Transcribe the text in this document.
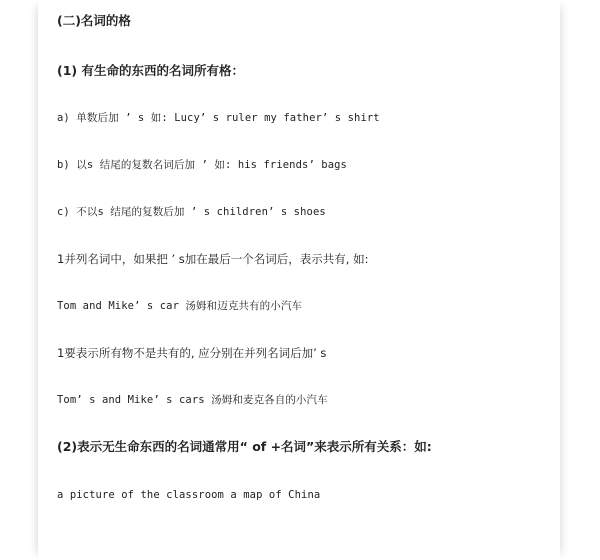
(二)名词的格
(1) 有生命的东西的名词所有格：
a) 单数后加 ’ s 如: Lucy’ s ruler my father’ s shirt
b) 以s 结尾的复数名词后加 ’ 如: his friends’ bags
c) 不以s 结尾的复数后加 ’ s children’ s shoes
1并列名词中，如果把 ’ s加在最后一个名词后，表示共有, 如:
Tom and Mike’ s car 汤姆和迈克共有的小汽车
1要表示所有物不是共有的, 应分别在并列名词后加’ s
Tom’ s and Mike’ s cars 汤姆和麦克各自的小汽车
(2)表示无生命东西的名词通常用“ of +名词”来表示所有关系：如:
a picture of the classroom a map of China
